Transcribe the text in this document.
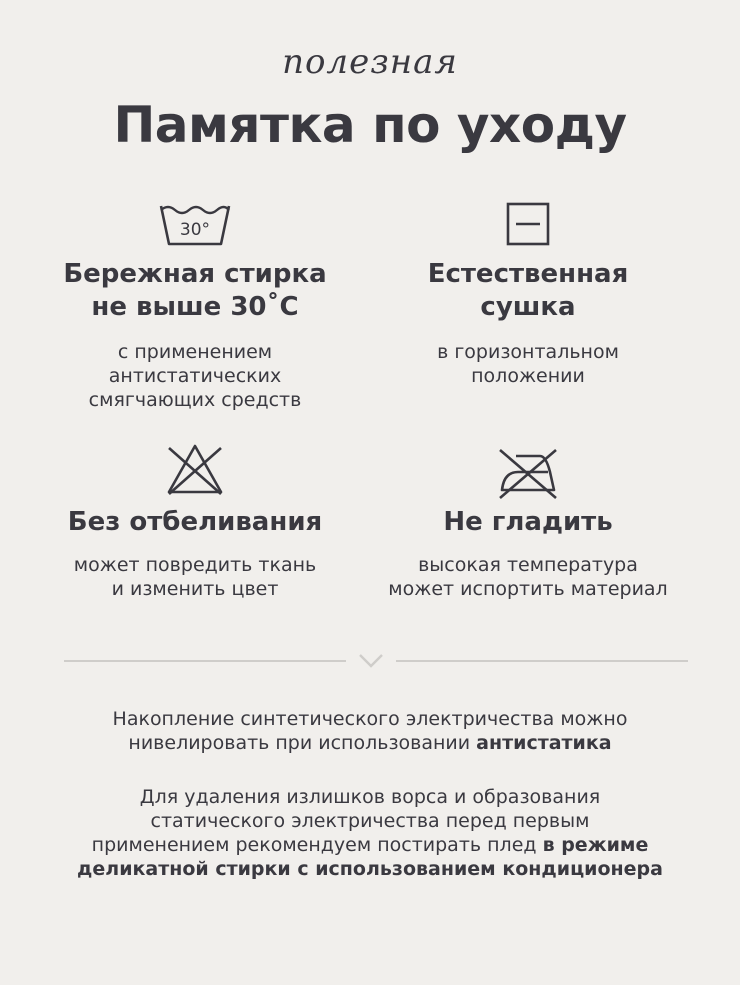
полезная
Памятка по уходу
30°
Бережная стирка
не выше 30˚С

с применением
антистатических
смягчающих средств

Естественная
сушка

в горизонтальном
положении

Без отбеливания

может повредить ткань
и изменить цвет

Не гладить

высокая температура
может испортить материал

Накопление синтетического электричества можно
нивелировать при использовании антистатика
Для удаления излишков ворса и образования
статического электричества перед первым
применением рекомендуем постирать плед в режиме
деликатной стирки с использованием кондиционера
